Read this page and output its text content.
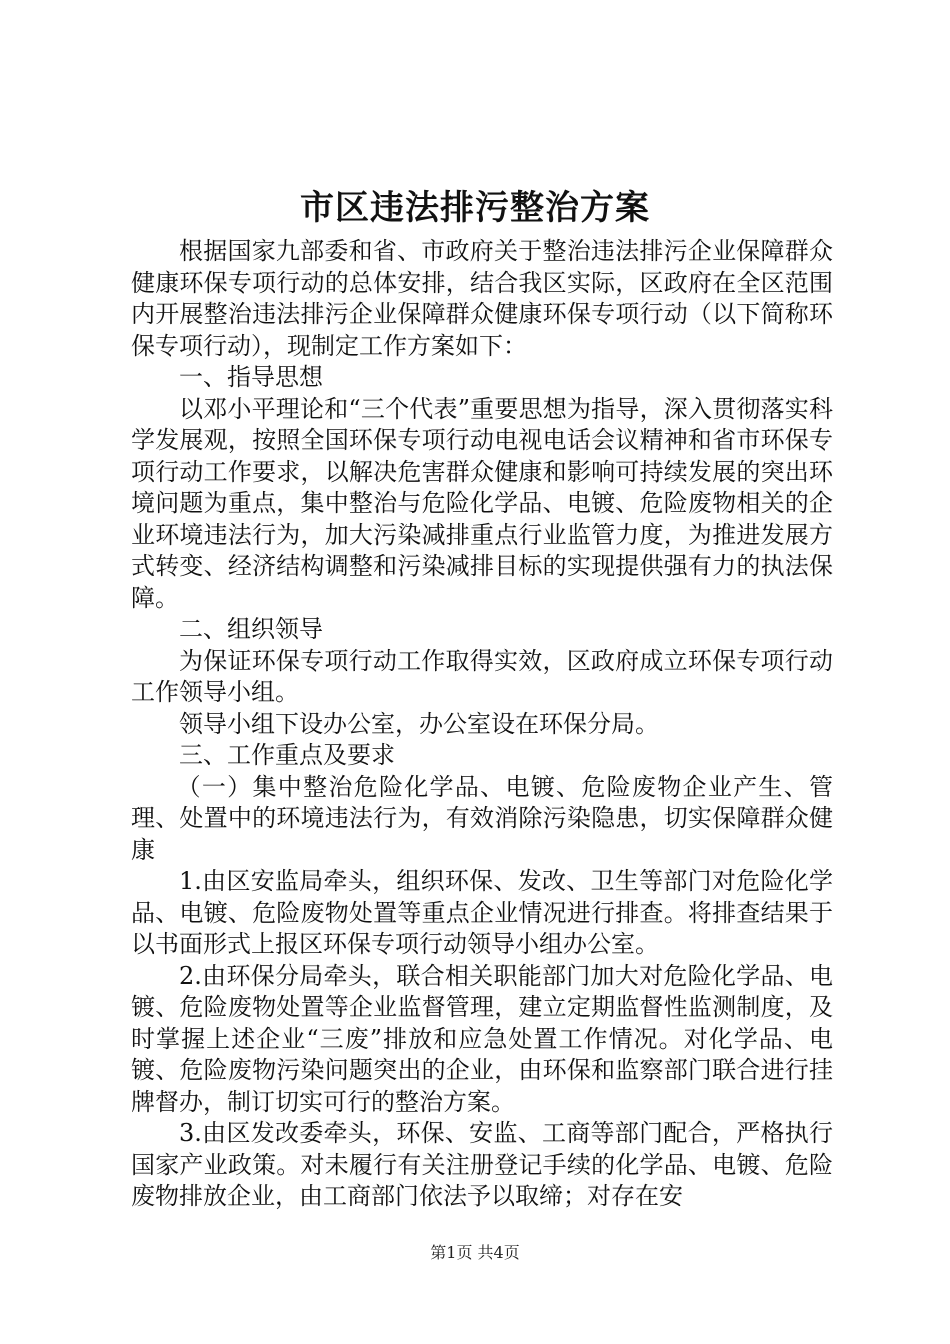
市区违法排污整治方案

根据国家九部委和省、市政府关于整治违法排污企业保障群众健康环保专项行动的总体安排，结合我区实际，区政府在全区范围内开展整治违法排污企业保障群众健康环保专项行动（以下简称环保专项行动），现制定工作方案如下：

一、指导思想

以邓小平理论和“三个代表”重要思想为指导，深入贯彻落实科学发展观，按照全国环保专项行动电视电话会议精神和省市环保专项行动工作要求，以解决危害群众健康和影响可持续发展的突出环境问题为重点，集中整治与危险化学品、电镀、危险废物相关的企业环境违法行为，加大污染减排重点行业监管力度，为推进发展方式转变、经济结构调整和污染减排目标的实现提供强有力的执法保障。

二、组织领导

为保证环保专项行动工作取得实效，区政府成立环保专项行动工作领导小组。

领导小组下设办公室，办公室设在环保分局。

三、工作重点及要求

（一）集中整治危险化学品、电镀、危险废物企业产生、管理、处置中的环境违法行为，有效消除污染隐患，切实保障群众健康

1.由区安监局牵头，组织环保、发改、卫生等部门对危险化学品、电镀、危险废物处置等重点企业情况进行排查。将排查结果于以书面形式上报区环保专项行动领导小组办公室。

2.由环保分局牵头，联合相关职能部门加大对危险化学品、电镀、危险废物处置等企业监督管理，建立定期监督性监测制度，及时掌握上述企业“三废”排放和应急处置工作情况。对化学品、电镀、危险废物污染问题突出的企业，由环保和监察部门联合进行挂牌督办，制订切实可行的整治方案。

3.由区发改委牵头，环保、安监、工商等部门配合，严格执行国家产业政策。对未履行有关注册登记手续的化学品、电镀、危险废物排放企业，由工商部门依法予以取缔；对存在安

第1页 共4页
